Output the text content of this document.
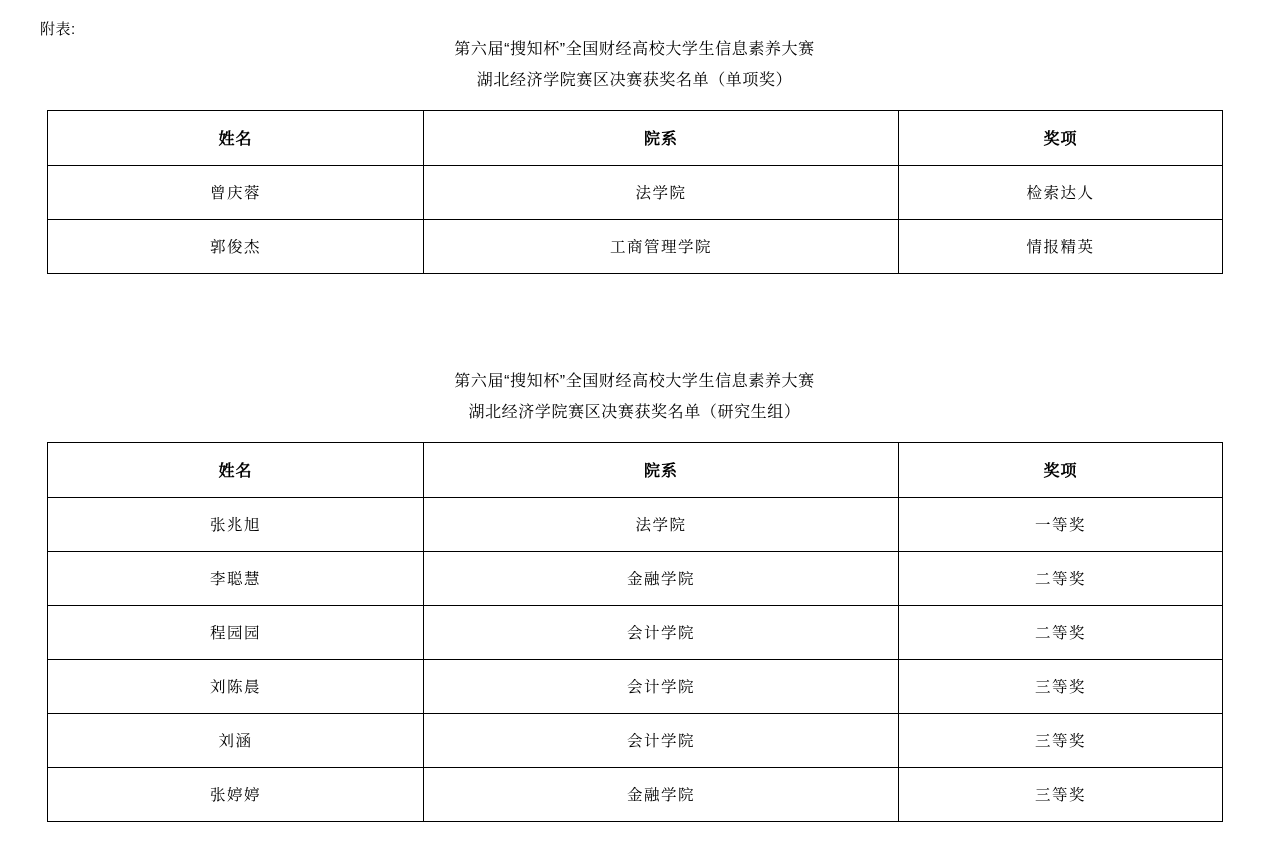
附表:
第六届“搜知杯”全国财经高校大学生信息素养大赛
湖北经济学院赛区决赛获奖名单（单项奖）
姓名	院系	奖项
曾庆蓉	法学院	检索达人
郭俊杰	工商管理学院	情报精英
第六届“搜知杯”全国财经高校大学生信息素养大赛
湖北经济学院赛区决赛获奖名单（研究生组）
姓名	院系	奖项
张兆旭	法学院	一等奖
李聪慧	金融学院	二等奖
程园园	会计学院	二等奖
刘陈晨	会计学院	三等奖
刘涵	会计学院	三等奖
张婷婷	金融学院	三等奖
